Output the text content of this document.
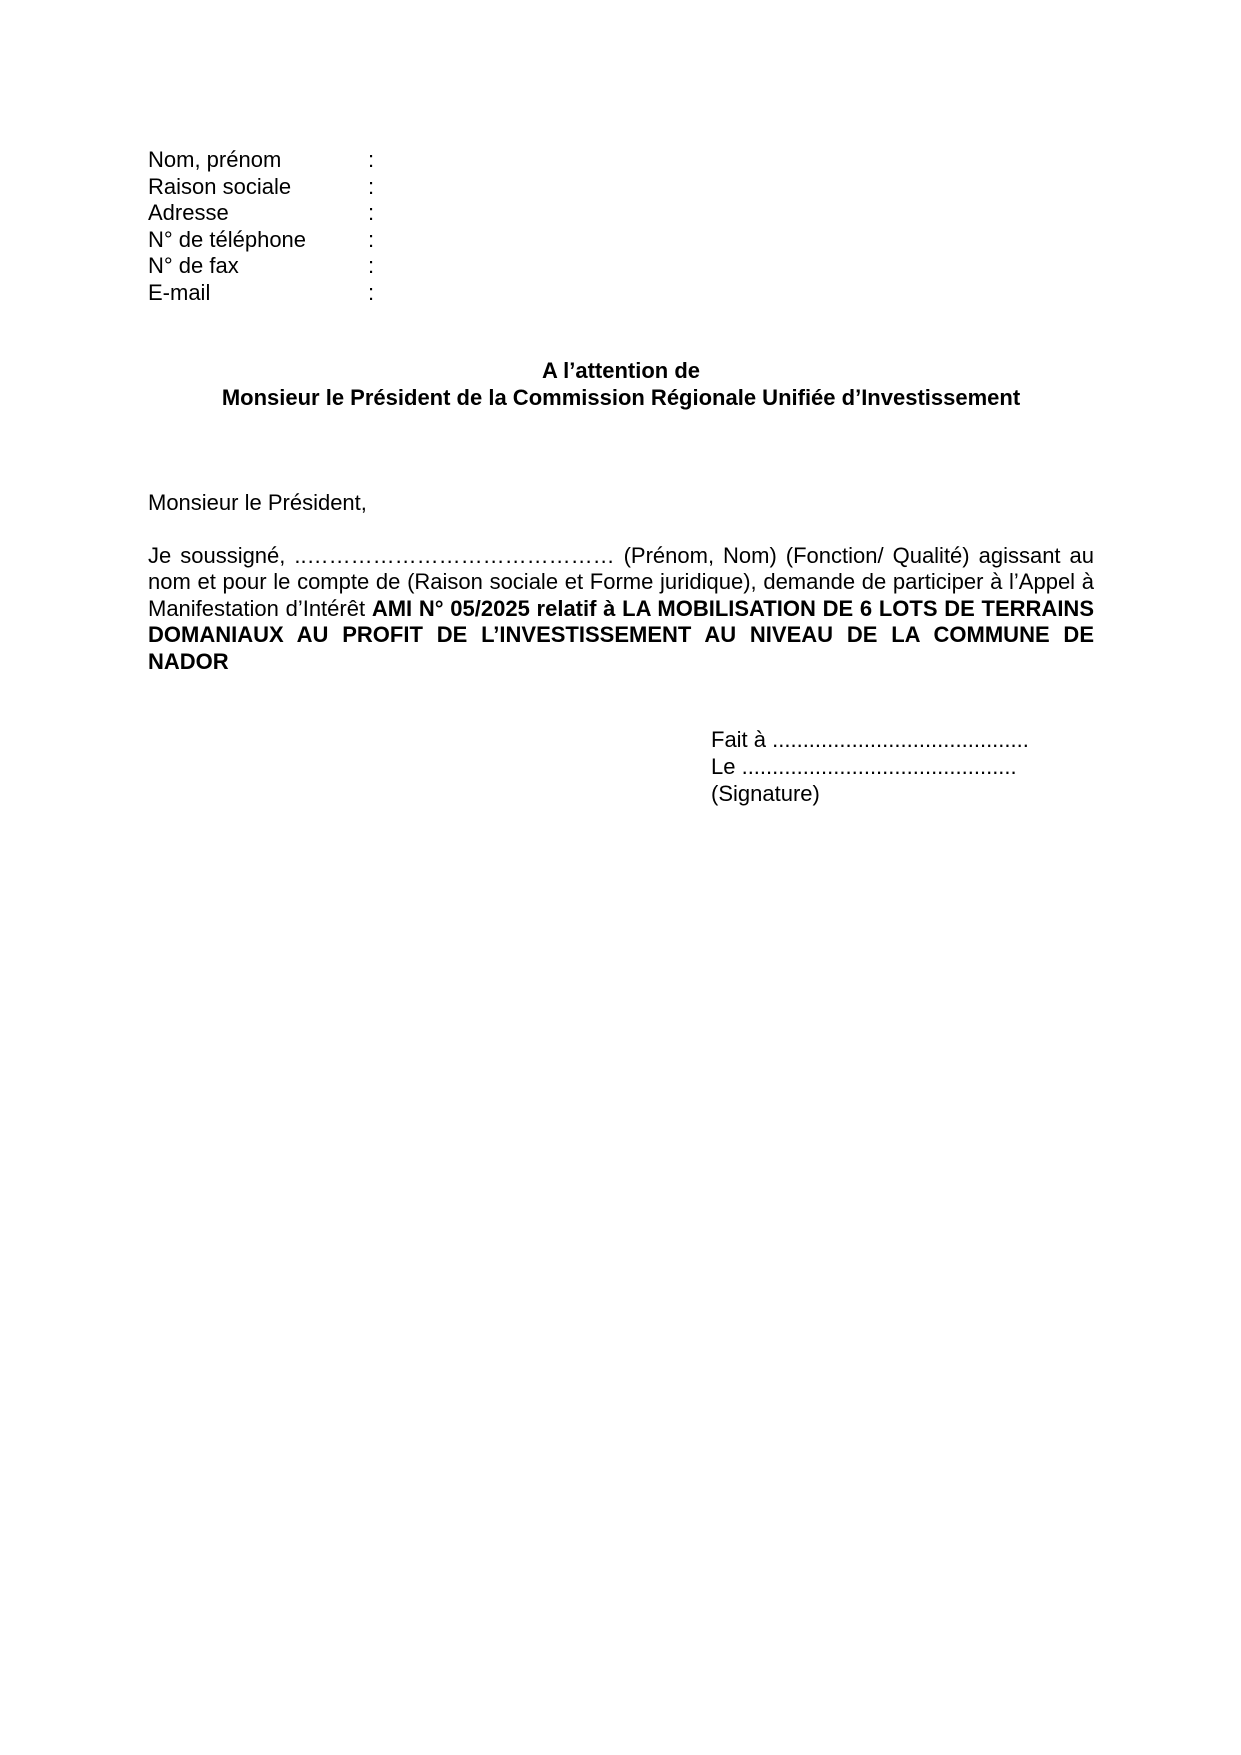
Nom, prénom	:
Raison sociale	:
Adresse	:
N° de téléphone	:
N° de fax	:
E-mail	:
A l’attention de
Monsieur le Président de la Commission Régionale Unifiée d’Investissement
Monsieur le Président,

Je soussigné, ..…………………………………… (Prénom, Nom) (Fonction/ Qualité) agissant au nom et pour le compte de (Raison sociale et Forme juridique), demande de participer à l’Appel à Manifestation d’Intérêt AMI N° 05/2025 relatif à LA MOBILISATION DE 6 LOTS DE TERRAINS DOMANIAUX AU PROFIT DE L’INVESTISSEMENT AU NIVEAU DE LA COMMUNE DE NADOR

Fait à ..........................................
Le .............................................
(Signature)
